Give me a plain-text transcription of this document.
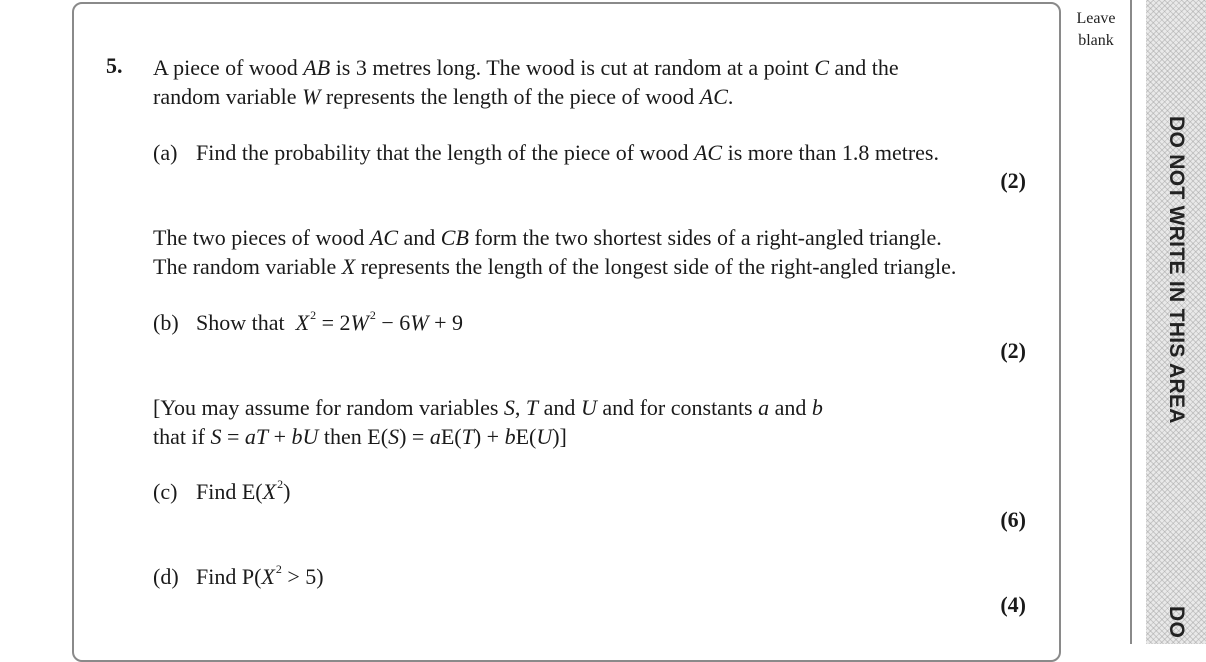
Leave
blank
DO NOT WRITE IN THIS AREA
DO
5. A piece of wood AB is 3 metres long. The wood is cut at random at a point C and the
random variable W represents the length of the piece of wood AC.
(a) Find the probability that the length of the piece of wood AC is more than 1.8 metres.
(2)
The two pieces of wood AC and CB form the two shortest sides of a right-angled triangle.
The random variable X represents the length of the longest side of the right-angled triangle.
(b) Show that $X^2 = 2W^2 - 6W + 9$
(2)
[You may assume for random variables S, T and U and for constants a and b
that if S = aT + bU then E(S) = aE(T) + bE(U)]
(c) Find $E(X^2)$
(6)
(d) Find $P(X^2 > 5)$
(4)
